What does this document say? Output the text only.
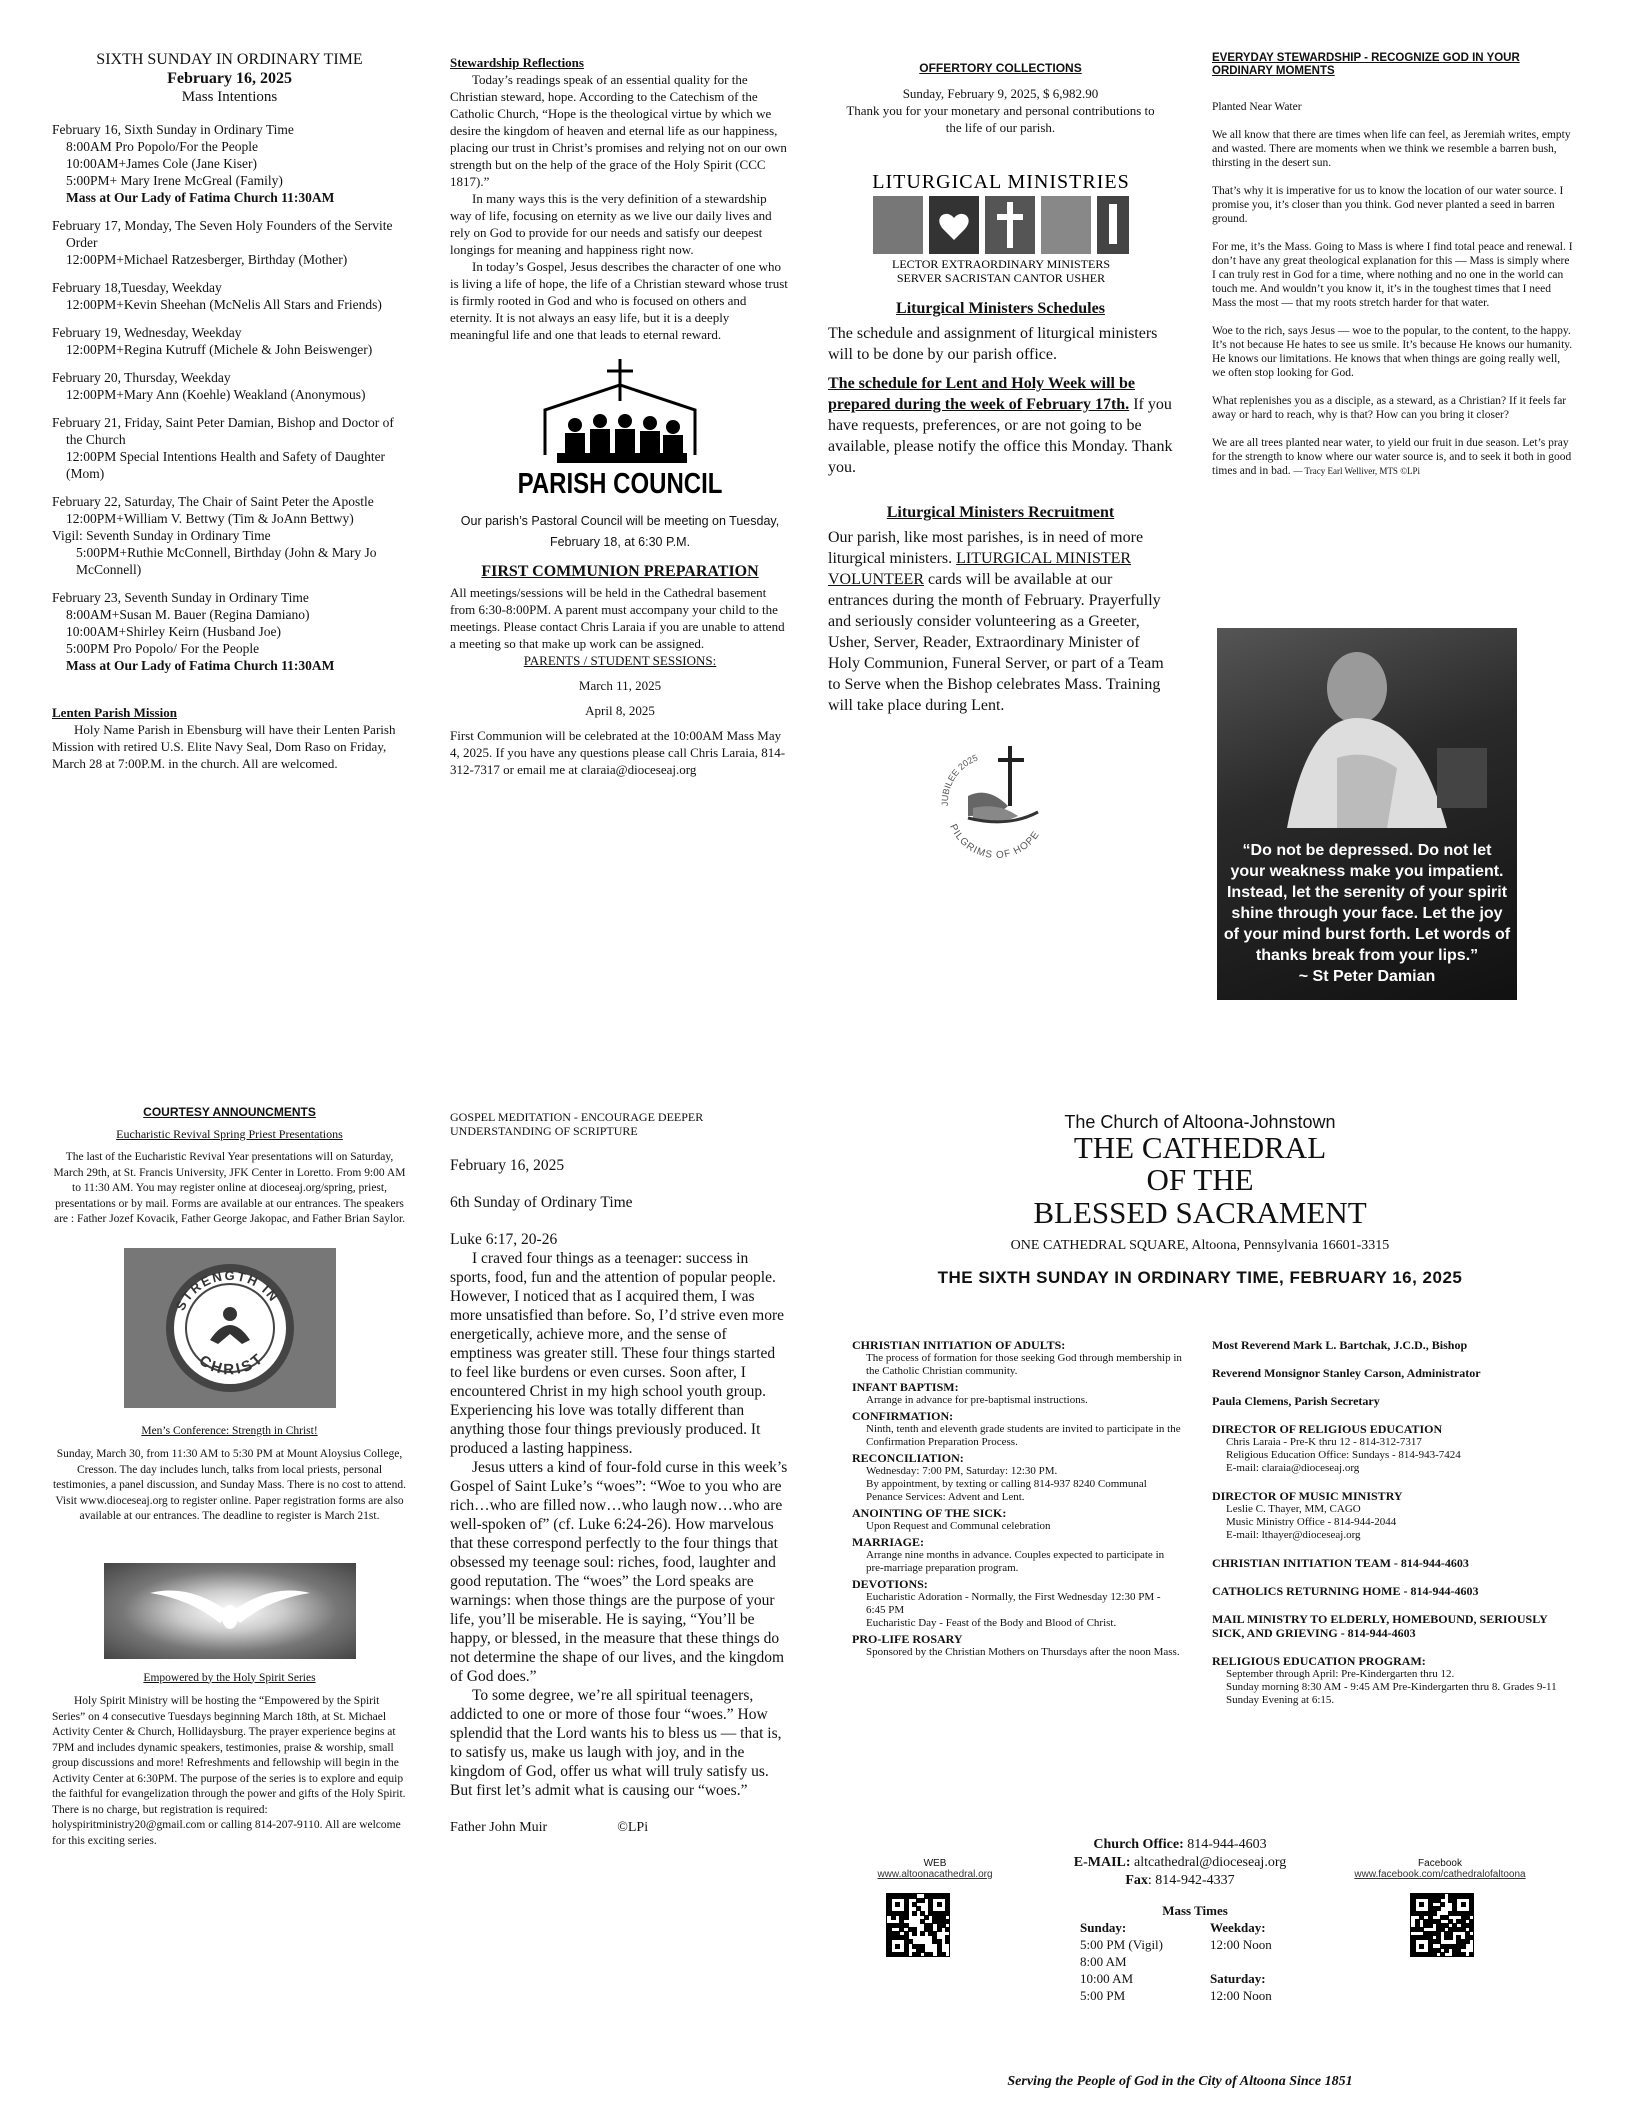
SIXTH SUNDAY IN ORDINARY TIME
February 16, 2025
Mass Intentions
February 16, Sixth Sunday in Ordinary Time
8:00AM Pro Popolo/For the People
10:00AM+James Cole (Jane Kiser)
5:00PM+ Mary Irene McGreal (Family)
Mass at Our Lady of Fatima Church 11:30AM
February 17, Monday, The Seven Holy Founders of the Servite Order
12:00PM+Michael Ratzesberger, Birthday (Mother)
February 18,Tuesday, Weekday
12:00PM+Kevin Sheehan (McNelis All Stars and Friends)
February 19, Wednesday, Weekday
12:00PM+Regina Kutruff (Michele & John Beiswenger)
February 20, Thursday, Weekday
12:00PM+Mary Ann (Koehle) Weakland (Anonymous)
February 21, Friday, Saint Peter Damian, Bishop and Doctor of the Church
12:00PM Special Intentions Health and Safety of Daughter (Mom)
February 22, Saturday, The Chair of Saint Peter the Apostle
12:00PM+William V. Bettwy (Tim & JoAnn Bettwy)
Vigil: Seventh Sunday in Ordinary Time
5:00PM+Ruthie McConnell, Birthday (John & Mary Jo McConnell)
February 23, Seventh Sunday in Ordinary Time
8:00AM+Susan M. Bauer (Regina Damiano)
10:00AM+Shirley Keirn (Husband Joe)
5:00PM Pro Popolo/ For the People
Mass at Our Lady of Fatima Church 11:30AM
Lenten Parish Mission
Holy Name Parish in Ebensburg will have their Lenten Parish Mission with retired U.S. Elite Navy Seal, Dom Raso on Friday, March 28 at 7:00P.M. in the church. All are welcomed.
Stewardship Reflections
Today’s readings speak of an essential quality for the Christian steward, hope. According to the Catechism of the Catholic Church, “Hope is the theological virtue by which we desire the kingdom of heaven and eternal life as our happiness, placing our trust in Christ’s promises and relying not on our own strength but on the help of the grace of the Holy Spirit (CCC 1817).”
In many ways this is the very definition of a stewardship way of life, focusing on eternity as we live our daily lives and rely on God to provide for our needs and satisfy our deepest longings for meaning and happiness right now.
In today’s Gospel, Jesus describes the character of one who is living a life of hope, the life of a Christian steward whose trust is firmly rooted in God and who is focused on others and eternity. It is not always an easy life, but it is a deeply meaningful life and one that leads to eternal reward.
PARISH COUNCIL
Our parish’s Pastoral Council will be meeting on Tuesday, February 18, at 6:30 P.M.
FIRST COMMUNION PREPARATION
All meetings/sessions will be held in the Cathedral basement from 6:30-8:00PM. A parent must accompany your child to the meetings. Please contact Chris Laraia if you are unable to attend a meeting so that make up work can be assigned.
PARENTS / STUDENT SESSIONS:
March 11, 2025
April 8, 2025
First Communion will be celebrated at the 10:00AM Mass May 4, 2025. If you have any questions please call Chris Laraia, 814-312-7317 or email me at claraia@dioceseaj.org
OFFERTORY COLLECTIONS
Sunday, February 9, 2025, $ 6,982.90
Thank you for your monetary and personal contributions to the life of our parish.
LITURGICAL MINISTRIES
LECTOR EXTRAORDINARY MINISTERS
SERVER SACRISTAN CANTOR USHER
Liturgical Ministers Schedules
The schedule and assignment of liturgical ministers will to be done by our parish office.
The schedule for Lent and Holy Week will be prepared during the week of February 17th. If you have requests, preferences, or are not going to be available, please notify the office this Monday. Thank you.
Liturgical Ministers Recruitment
Our parish, like most parishes, is in need of more liturgical ministers. LITURGICAL MINISTER VOLUNTEER cards will be available at our entrances during the month of February. Prayerfully and seriously consider volunteering as a Greeter, Usher, Server, Reader, Extraordinary Minister of Holy Communion, Funeral Server, or part of a Team to Serve when the Bishop celebrates Mass. Training will take place during Lent.
JUBILEE 2025
PILGRIMS OF HOPE
EVERYDAY STEWARDSHIP - RECOGNIZE GOD IN YOUR ORDINARY MOMENTS
Planted Near Water
We all know that there are times when life can feel, as Jeremiah writes, empty and wasted. There are moments when we think we resemble a barren bush, thirsting in the desert sun.
That’s why it is imperative for us to know the location of our water source. I promise you, it’s closer than you think. God never planted a seed in barren ground.
For me, it’s the Mass. Going to Mass is where I find total peace and renewal. I don’t have any great theological explanation for this — Mass is simply where I can truly rest in God for a time, where nothing and no one in the world can touch me. And wouldn’t you know it, it’s in the toughest times that I need Mass the most — that my roots stretch harder for that water.
Woe to the rich, says Jesus — woe to the popular, to the content, to the happy. It’s not because He hates to see us smile. It’s because He knows our humanity. He knows our limitations. He knows that when things are going really well, we often stop looking for God.
What replenishes you as a disciple, as a steward, as a Christian? If it feels far away or hard to reach, why is that? How can you bring it closer?
We are all trees planted near water, to yield our fruit in due season. Let’s pray for the strength to know where our water source is, and to seek it both in good times and in bad. — Tracy Earl Welliver, MTS ©LPi
“Do not be depressed. Do not let your weakness make you impatient. Instead, let the serenity of your spirit shine through your face. Let the joy of your mind burst forth. Let words of thanks break from your lips.”
~ St Peter Damian
COURTESY ANNOUNCMENTS
Eucharistic Revival Spring Priest Presentations
The last of the Eucharistic Revival Year presentations will on Saturday, March 29th, at St. Francis University, JFK Center in Loretto. From 9:00 AM to 11:30 AM. You may register online at dioceseaj.org/spring, priest, presentations or by mail. Forms are available at our entrances. The speakers are : Father Jozef Kovacik, Father George Jakopac, and Father Brian Saylor.
STRENGTH IN
CHRIST
Men’s Conference: Strength in Christ!
Sunday, March 30, from 11:30 AM to 5:30 PM at Mount Aloysius College, Cresson. The day includes lunch, talks from local priests, personal testimonies, a panel discussion, and Sunday Mass. There is no cost to attend. Visit www.dioceseaj.org to register online. Paper registration forms are also available at our entrances. The deadline to register is March 21st.
Empowered by the Holy Spirit Series
Holy Spirit Ministry will be hosting the “Empowered by the Spirit Series” on 4 consecutive Tuesdays beginning March 18th, at St. Michael Activity Center & Church, Hollidaysburg. The prayer experience begins at 7PM and includes dynamic speakers, testimonies, praise & worship, small group discussions and more! Refreshments and fellowship will begin in the Activity Center at 6:30PM. The purpose of the series is to explore and equip the faithful for evangelization through the power and gifts of the Holy Spirit. There is no charge, but registration is required: holyspiritministry20@gmail.com or calling 814-207-9110. All are welcome for this exciting series.
GOSPEL MEDITATION - ENCOURAGE DEEPER UNDERSTANDING OF SCRIPTURE
February 16, 2025
6th Sunday of Ordinary Time
Luke 6:17, 20-26
I craved four things as a teenager: success in sports, food, fun and the attention of popular people. However, I noticed that as I acquired them, I was more unsatisfied than before. So, I’d strive even more energetically, achieve more, and the sense of emptiness was greater still. These four things started to feel like burdens or even curses. Soon after, I encountered Christ in my high school youth group. Experiencing his love was totally different than anything those four things previously produced. It produced a lasting happiness.
Jesus utters a kind of four-fold curse in this week’s Gospel of Saint Luke’s “woes”: “Woe to you who are rich…who are filled now…who laugh now…who are well-spoken of” (cf. Luke 6:24-26). How marvelous that these correspond perfectly to the four things that obsessed my teenage soul: riches, food, laughter and good reputation. The “woes” the Lord speaks are warnings: when those things are the purpose of your life, you’ll be miserable. He is saying, “You’ll be happy, or blessed, in the measure that these things do not determine the shape of our lives, and the kingdom of God does.”
To some degree, we’re all spiritual teenagers, addicted to one or more of those four “woes.” How splendid that the Lord wants his to bless us — that is, to satisfy us, make us laugh with joy, and in the kingdom of God, offer us what will truly satisfy us. But first let’s admit what is causing our “woes.”
Father John Muir	©LPi
The Church of Altoona-Johnstown
THE CATHEDRAL
OF THE
BLESSED SACRAMENT
ONE CATHEDRAL SQUARE, Altoona, Pennsylvania 16601-3315
THE SIXTH SUNDAY IN ORDINARY TIME, FEBRUARY 16, 2025
CHRISTIAN INITIATION OF ADULTS:
The process of formation for those seeking God through membership in the Catholic Christian community.
INFANT BAPTISM:
Arrange in advance for pre-baptismal instructions.
CONFIRMATION:
Ninth, tenth and eleventh grade students are invited to participate in the Confirmation Preparation Process.
RECONCILIATION:
Wednesday: 7:00 PM, Saturday: 12:30 PM.
By appointment, by texting or calling 814-937 8240 Communal Penance Services: Advent and Lent.
ANOINTING OF THE SICK:
Upon Request and Communal celebration
MARRIAGE:
Arrange nine months in advance. Couples expected to participate in pre-marriage preparation program.
DEVOTIONS:
Eucharistic Adoration - Normally, the First Wednesday 12:30 PM - 6:45 PM
Eucharistic Day - Feast of the Body and Blood of Christ.
PRO-LIFE ROSARY
Sponsored by the Christian Mothers on Thursdays after the noon Mass.
Most Reverend Mark L. Bartchak, J.C.D., Bishop
Reverend Monsignor Stanley Carson, Administrator
Paula Clemens, Parish Secretary
DIRECTOR OF RELIGIOUS EDUCATION
Chris Laraia - Pre-K thru 12 - 814-312-7317
Religious Education Office: Sundays - 814-943-7424
E-mail: claraia@dioceseaj.org
DIRECTOR OF MUSIC MINISTRY
Leslie C. Thayer, MM, CAGO
Music Ministry Office - 814-944-2044
E-mail: lthayer@dioceseaj.org
CHRISTIAN INITIATION TEAM - 814-944-4603
CATHOLICS RETURNING HOME - 814-944-4603
MAIL MINISTRY TO ELDERLY, HOMEBOUND, SERIOUSLY SICK, AND GRIEVING - 814-944-4603
RELIGIOUS EDUCATION PROGRAM:
September through April: Pre-Kindergarten thru 12.
Sunday morning 8:30 AM - 9:45 AM Pre-Kindergarten thru 8. Grades 9-11 Sunday Evening at 6:15.
Church Office: 814-944-4603
E-MAIL: altcathedral@dioceseaj.org
Fax: 814-942-4337
WEB
www.altoonacathedral.org
Facebook
www.facebook.com/cathedralofaltoona
Mass Times
Sunday:
5:00 PM (Vigil)
8:00 AM
10:00 AM
5:00 PM
Weekday:
12:00 Noon
Saturday:
12:00 Noon
Serving the People of God in the City of Altoona Since 1851
